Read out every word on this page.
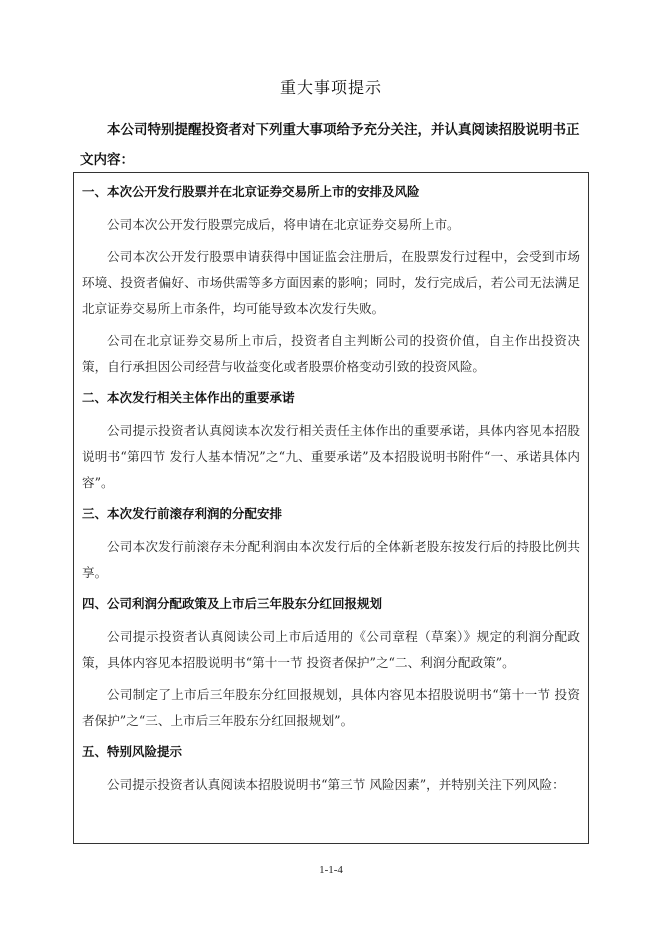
重大事项提示

本公司特别提醒投资者对下列重大事项给予充分关注，并认真阅读招股说明书正文内容：

一、本次公开发行股票并在北京证券交易所上市的安排及风险

公司本次公开发行股票完成后，将申请在北京证券交易所上市。

公司本次公开发行股票申请获得中国证监会注册后，在股票发行过程中，会受到市场环境、投资者偏好、市场供需等多方面因素的影响；同时，发行完成后，若公司无法满足北京证券交易所上市条件，均可能导致本次发行失败。

公司在北京证券交易所上市后，投资者自主判断公司的投资价值，自主作出投资决策，自行承担因公司经营与收益变化或者股票价格变动引致的投资风险。

二、本次发行相关主体作出的重要承诺

公司提示投资者认真阅读本次发行相关责任主体作出的重要承诺，具体内容见本招股说明书“第四节 发行人基本情况”之“九、重要承诺”及本招股说明书附件“一、承诺具体内容”。

三、本次发行前滚存利润的分配安排

公司本次发行前滚存未分配利润由本次发行后的全体新老股东按发行后的持股比例共享。

四、公司利润分配政策及上市后三年股东分红回报规划

公司提示投资者认真阅读公司上市后适用的《公司章程（草案）》规定的利润分配政策，具体内容见本招股说明书“第十一节 投资者保护”之“二、利润分配政策”。

公司制定了上市后三年股东分红回报规划，具体内容见本招股说明书“第十一节 投资者保护”之“三、上市后三年股东分红回报规划”。

五、特别风险提示

公司提示投资者认真阅读本招股说明书“第三节 风险因素”，并特别关注下列风险：

1-1-4
